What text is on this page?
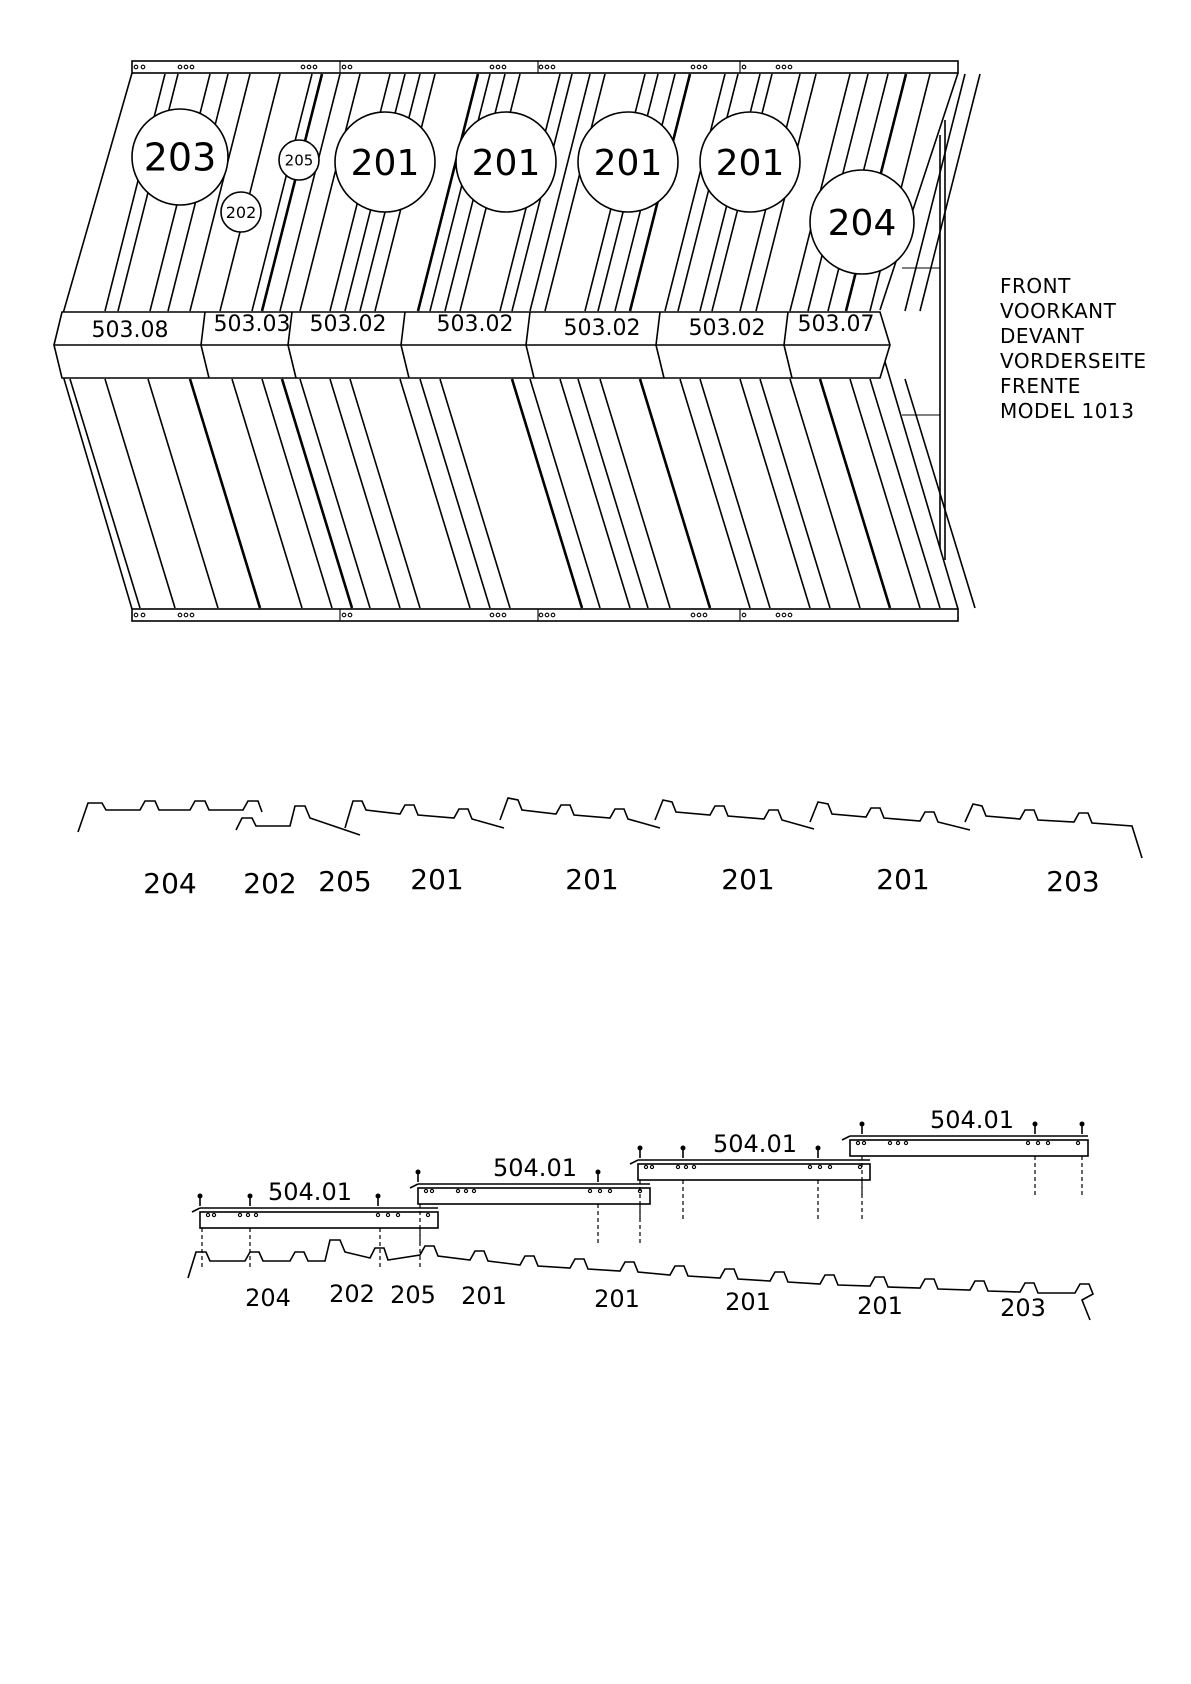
503.08 503.03 503.02 503.02 503.02 503.02 503.07
203
202
205 201 201 201 201
204
FRONT
VOORKANT
DEVANT
VORDERSEITE
FRENTE
MODEL 1013
204 202 205 201	201	201	201	203
504.01
504.01
504.01
504.01
204 202 205 201	201	201	201	203
